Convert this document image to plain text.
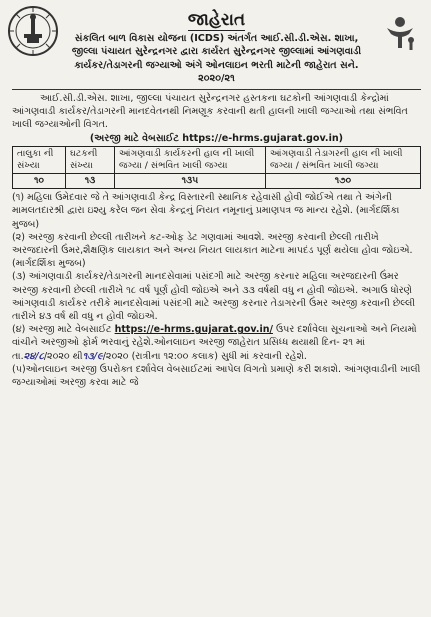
જાહેરાત
સંકલિત બાળ વિકાસ યોજના (ICDS) અંતર્ગત આઈ.સી.ડી.એસ. શાખા,
જીલ્લા પંચાયત સુરેન્દ્રનગર દ્વારા કાર્યરત સુરેન્દ્રનગર જીલ્લામાં આંગણવાડી
કાર્યકર/તેડાગરની જગ્યાઓ અંગે ઓનલાઇન ભરતી માટેની જાહેરાત સને.
૨૦૨૦/૨૧

આઈ.સી.ડી.એસ. શાખા, જીલ્લા પંચાયત સુરેન્દ્રનગર હસ્તકના ઘટકોની આંગણવાડી કેન્દ્રોમાં આંગણવાડી કાર્યકર/તેડાગરની માનદવેતનથી નિમણૂક કરવાની થતી હાલની ખાલી જગ્યાઓ તથા સંભવિત ખાલી જગ્યાઓની વિગત.

(અરજી માટે વેબસાઈટ https://e-hrms.gujarat.gov.in)
તાલુકા ની સંખ્યા	ઘટકની સંખ્યા	આંગણવાડી કાર્યકરની હાલ ની ખાલી જગ્યા / સંભવિત ખાલી જગ્યા	આંગણવાડી તેડાગરની હાલ ની ખાલી જગ્યા / સંભવિત ખાલી જગ્યા
૧૦	૧૩	૧૩૫	૧૭૦

(૧) મહિલા ઉમેદવાર જે તે આંગણવાડી કેન્દ્ર વિસ્તારની સ્થાનિક રહેવાસી હોવી જોઈએ તથા તે અંગેની મામલતદારશ્રી દ્વારા ઇશ્યુ કરેલ જન સેવા કેન્દ્રનું નિયત નમૂનાનું પ્રમાણપત્ર જ માન્ય રહેશે. (માર્ગદર્શિકા મુજબ)

(૨) અરજી કરવાની છેલ્લી તારીખને કટ-ઓફ ડેટ ગણવામાં આવશે. અરજી કરવાની છેલ્લી તારીખે અરજદારની ઉંમર,શૈક્ષણિક લાયકાત અને અન્ય નિયત લાયકાત માટેના માપદંડ પૂર્ણ થયેલા હોવા જોઇએ. (માર્ગદર્શિકા મુજબ)

(૩) આંગણવાડી કાર્યકર/તેડાગરની માનદસેવામાં પસંદગી માટે અરજી કરનાર મહિલા અરજદારની ઉંમર અરજી કરવાની છેલ્લી તારીખે ૧૮ વર્ષ પૂર્ણ હોવી જોઇએ અને ૩૩ વર્ષથી વધુ ન હોવી જોઇએ. અગાઉ ધોરણે આંગણવાડી કાર્યકર તરીકે માનદસેવામાં પસંદગી માટે અરજી કરનાર તેડાગરની ઉંમર અરજી કરવાની છેલ્લી તારીખે ૪૩ વર્ષ થી વધુ ન હોવી જોઇએ.

(૪) અરજી માટે વેબસાઈટ https://e-hrms.gujarat.gov.in/ ઉપર દર્શાવેલા સૂચનાઓ અને નિયમો વાંચીને અરજીઓ ફોર્મ ભરવાનું રહેશે.ઓનલાઇન અરજી જાહેરાત પ્રસિધ્ધ થયાથી દિન- ૨૧ માં તા.૨૪/૮/૨૦૨૦ થી૧૩/૯/૨૦૨૦ (રાત્રીના ૧૨:૦૦ કલાક) સુધી માં કરવાની રહેશે.

(૫)ઓનલાઇન અરજી ઉપરોક્ત દર્શાવેલ વેબસાઈટમાં આપેલ વિગતો પ્રમાણે કરી શકાશે. આંગણવાડીની ખાલી જગ્યાઓમાં અરજી કરવા માટે જે
